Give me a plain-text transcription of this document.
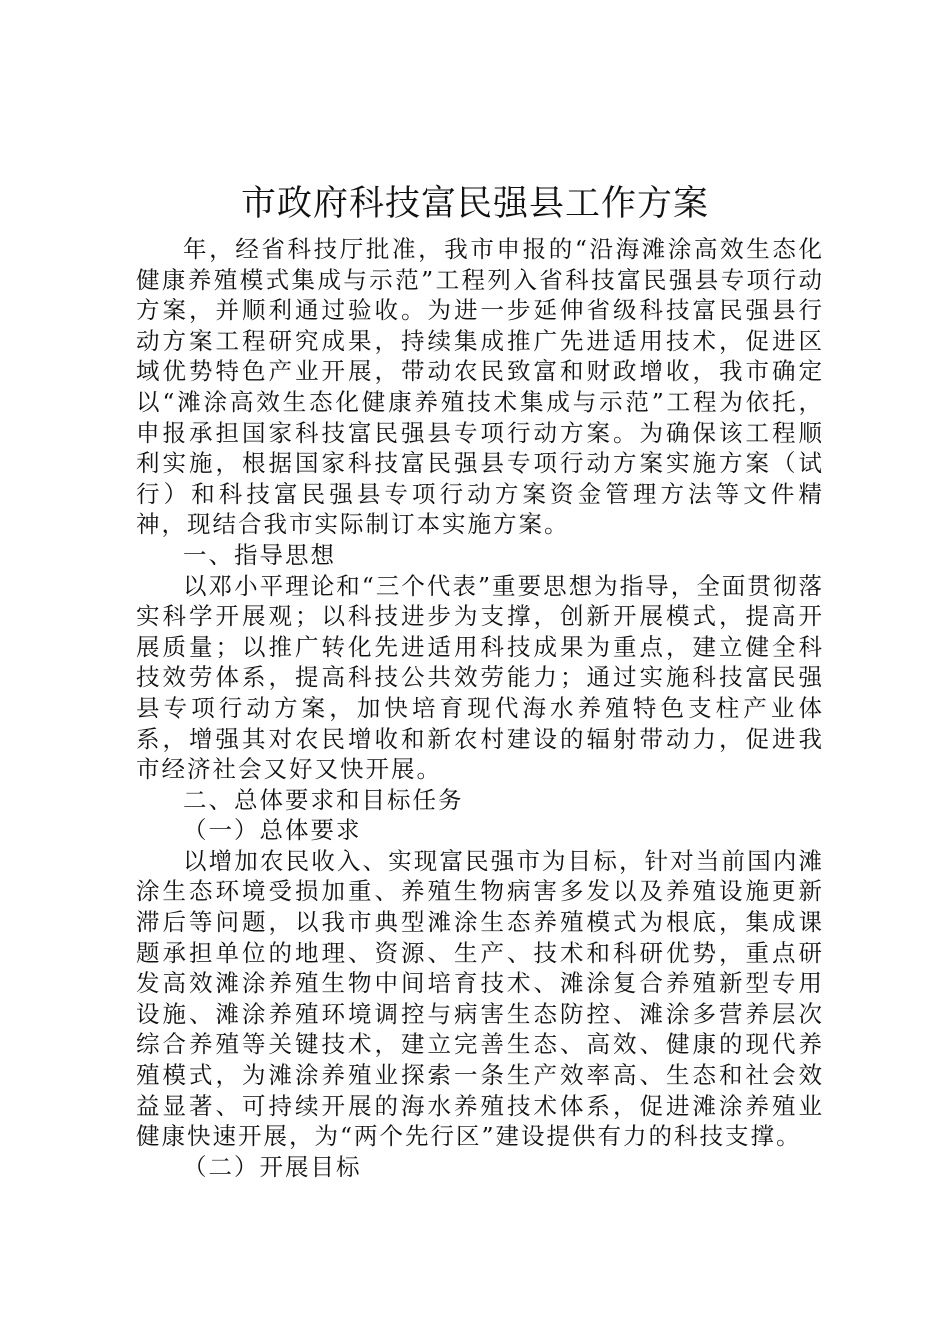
市政府科技富民强县工作方案

年，经省科技厅批准，我市申报的“沿海滩涂高效生态化健康养殖模式集成与示范”工程列入省科技富民强县专项行动方案，并顺利通过验收。为进一步延伸省级科技富民强县行动方案工程研究成果，持续集成推广先进适用技术，促进区域优势特色产业开展，带动农民致富和财政增收，我市确定以“滩涂高效生态化健康养殖技术集成与示范”工程为依托，申报承担国家科技富民强县专项行动方案。为确保该工程顺利实施，根据国家科技富民强县专项行动方案实施方案（试行）和科技富民强县专项行动方案资金管理方法等文件精神，现结合我市实际制订本实施方案。

一、指导思想

以邓小平理论和“三个代表”重要思想为指导，全面贯彻落实科学开展观；以科技进步为支撑，创新开展模式，提高开展质量；以推广转化先进适用科技成果为重点，建立健全科技效劳体系，提高科技公共效劳能力；通过实施科技富民强县专项行动方案，加快培育现代海水养殖特色支柱产业体系，增强其对农民增收和新农村建设的辐射带动力，促进我市经济社会又好又快开展。

二、总体要求和目标任务

（一）总体要求

以增加农民收入、实现富民强市为目标，针对当前国内滩涂生态环境受损加重、养殖生物病害多发以及养殖设施更新滞后等问题，以我市典型滩涂生态养殖模式为根底，集成课题承担单位的地理、资源、生产、技术和科研优势，重点研发高效滩涂养殖生物中间培育技术、滩涂复合养殖新型专用设施、滩涂养殖环境调控与病害生态防控、滩涂多营养层次综合养殖等关键技术，建立完善生态、高效、健康的现代养殖模式，为滩涂养殖业探索一条生产效率高、生态和社会效益显著、可持续开展的海水养殖技术体系，促进滩涂养殖业健康快速开展，为“两个先行区”建设提供有力的科技支撑。

（二）开展目标
